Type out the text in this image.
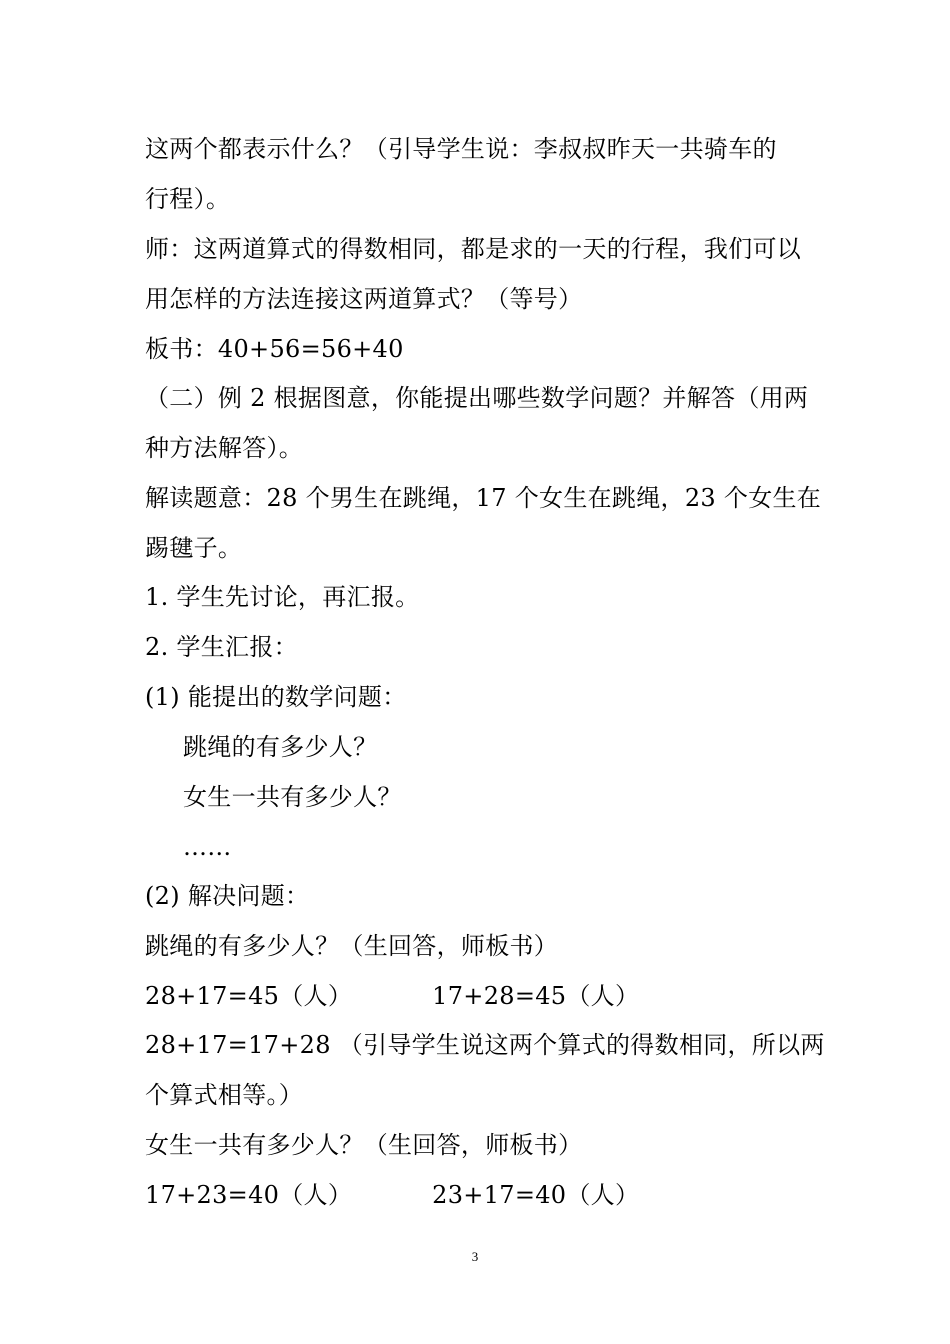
这两个都表示什么？（引导学生说：李叔叔昨天一共骑车的
行程）。
师：这两道算式的得数相同，都是求的一天的行程，我们可以
用怎样的方法连接这两道算式？（等号）
板书：40+56=56+40
（二）例 2 根据图意，你能提出哪些数学问题？并解答（用两
种方法解答）。
解读题意：28 个男生在跳绳，17 个女生在跳绳，23 个女生在
踢毽子。
1. 学生先讨论，再汇报。
2. 学生汇报：
(1) 能提出的数学问题：
跳绳的有多少人？
女生一共有多少人？
……
(2) 解决问题：
跳绳的有多少人？（生回答，师板书）
28+17=45（人）	17+28=45（人）
28+17=17+28 （引导学生说这两个算式的得数相同，所以两
个算式相等。）
女生一共有多少人？（生回答，师板书）
17+23=40（人）	23+17=40（人）
3
